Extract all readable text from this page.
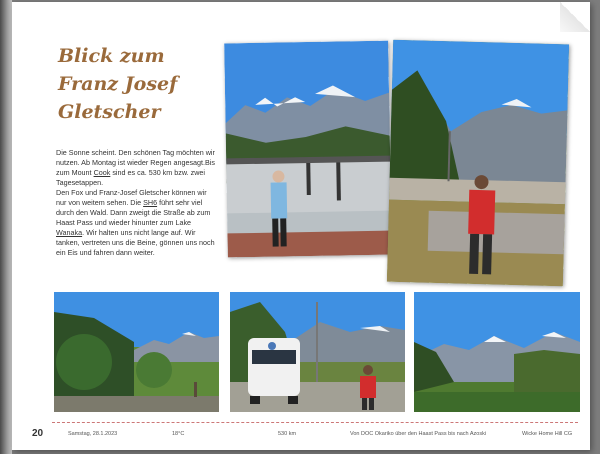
Blick zum
Franz Josef
Gletscher

Die Sonne scheint. Den schönen Tag möchten wir nutzen. Ab Montag ist wieder Regen angesagt.Bis zum Mount Cook sind es ca. 530 km bzw. zwei Tagesetappen.

Den Fox und Franz-Josef Gletscher können wir nur von weitem sehen. Die SH6 führt sehr viel durch den Wald. Dann zweigt die Straße ab zum Haast Pass und wieder hinunter zum Lake Wanaka. Wir halten uns nicht lange auf. Wir tanken, vertreten uns die Beine, gönnen uns noch ein Eis und fahren dann weiter.

20	Samstag, 28.1.2023	18°C	530 km	Von DOC Okariko über den Haast Pass bis nach Azoski	Wicke Home Hill CG
